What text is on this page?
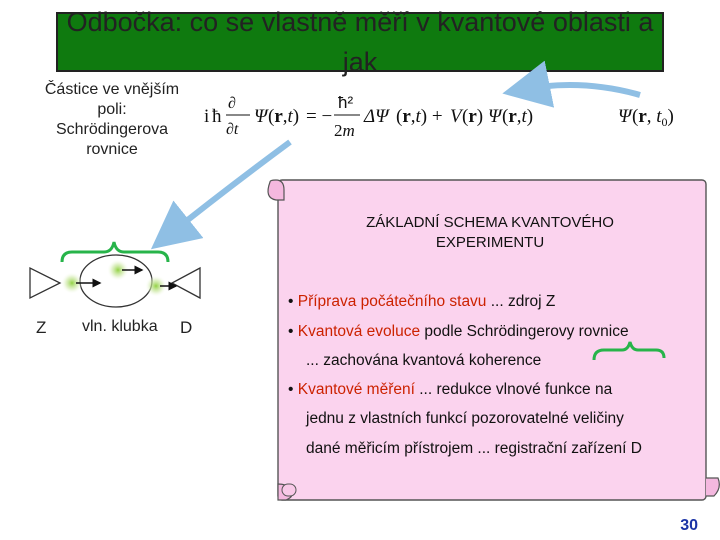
Odbočka: co se vlastně měří v kvantové oblasti a jak
Částice ve vnějším
poli:
Schrödingerova
rovnice
i ħ
∂
∂t
Ψ (r,t) = −
ħ²
2m
ΔΨ (r,t) + V (r) Ψ (r,t)	Ψ (r, $t_0$)
Z vln. klubka D
ZÁKLADNÍ SCHEMA KVANTOVÉHO
EXPERIMENTU
• Příprava počátečního stavu ... zdroj Z
• Kvantová evoluce podle Schrödingerovy rovnice
... zachována kvantová koherence
• Kvantové měření ... redukce vlnové funkce na
jednu z vlastních funkcí pozorovatelné veličiny
dané měřicím přístrojem ... registrační zařízení D
30
